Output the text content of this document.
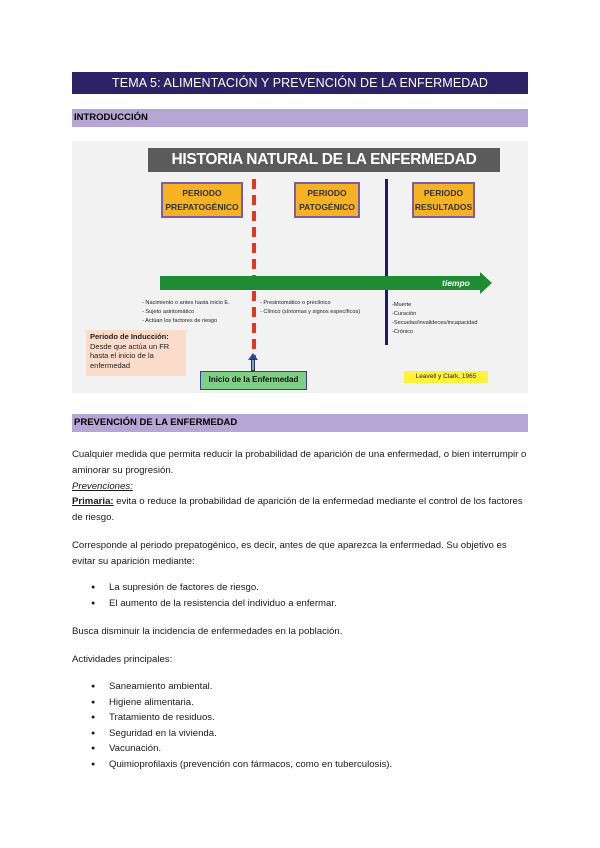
TEMA 5: ALIMENTACIÓN Y PREVENCIÓN DE LA ENFERMEDAD
INTRODUCCIÓN
HISTORIA NATURAL DE LA ENFERMEDAD
PERIODO
PREPATOGÉNICO
PERIODO
PATOGÉNICO
PERIODO
RESULTADOS
tiempo
- Nacimiento o antes hasta inicio E.
- Sujeto asintomático
- Actúan los factores de riesgo
- Presintomático o preclínico
- Clínico (síntomas y signos específicos)
-Muerte
-Curación
-Secuelas/invalideces/incapacidad
-Crónico
Periodo de Inducción:
Desde que actúa un FR hasta el inicio de la enfermedad
Inicio de la Enfermedad	Leavell y Clark, 1965
PREVENCIÓN DE LA ENFERMEDAD

Cualquier medida que permita reducir la probabilidad de aparición de una enfermedad, o bien interrumpir o aminorar su progresión.

Prevenciones:

Primaria: evita o reduce la probabilidad de aparición de la enfermedad mediante el control de los factores de riesgo.

Corresponde al periodo prepatogénico, es decir, antes de que aparezca la enfermedad. Su objetivo es evitar su aparición mediante:

● La supresión de factores de riesgo.
● El aumento de la resistencia del individuo a enfermar.

Busca disminuir la incidencia de enfermedades en la población.

Actividades principales:

● Saneamiento ambiental.
● Higiene alimentaria.
● Tratamiento de residuos.
● Seguridad en la vivienda.
● Vacunación.
● Quimioprofilaxis (prevención con fármacos, como en tuberculosis).
